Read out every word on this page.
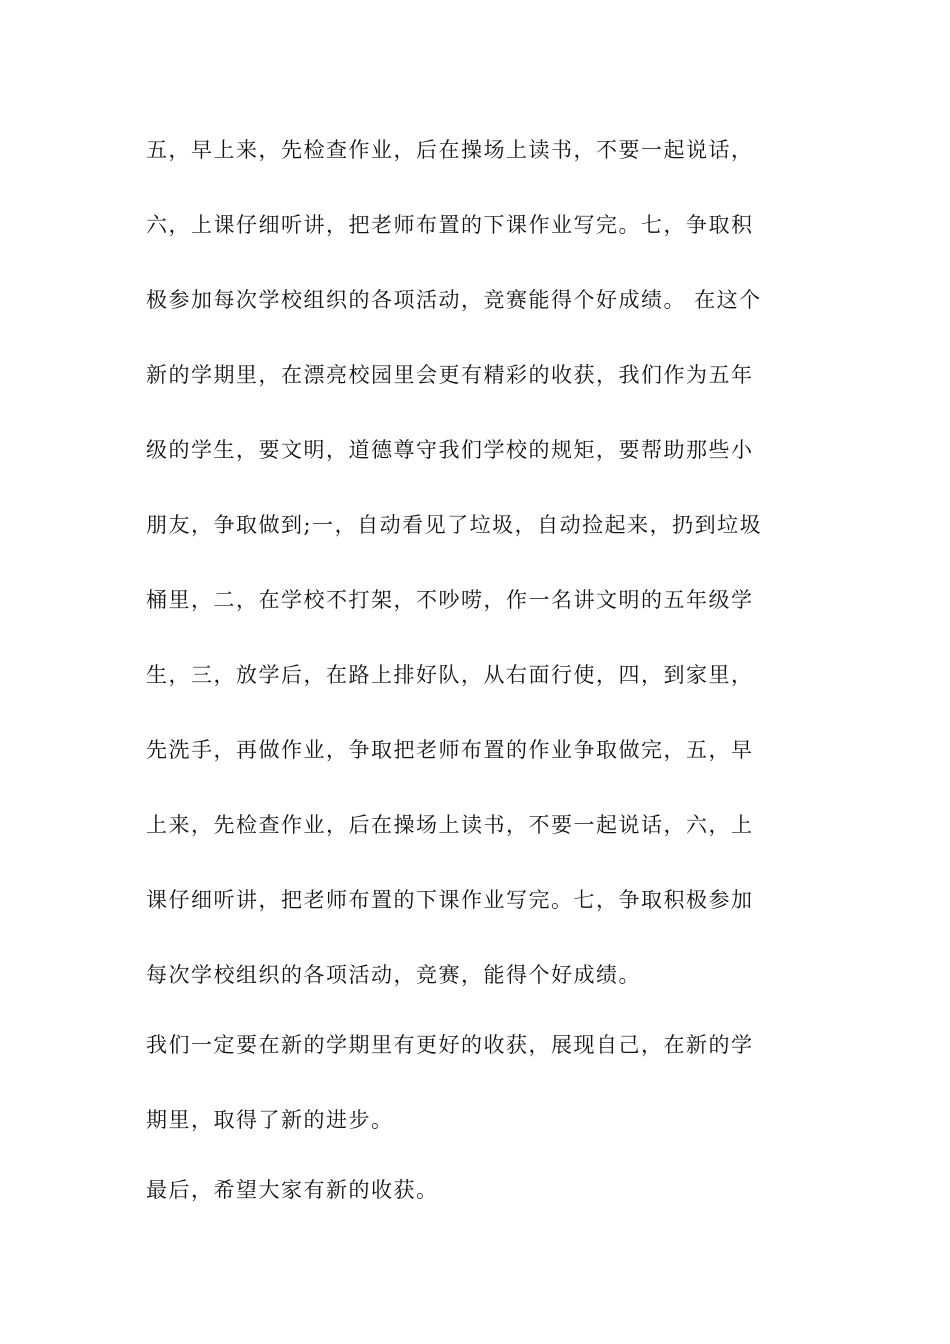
五，早上来，先检查作业，后在操场上读书，不要一起说话，
六，上课仔细听讲，把老师布置的下课作业写完。七，争取积
极参加每次学校组织的各项活动，竞赛能得个好成绩。 在这个
新的学期里，在漂亮校园里会更有精彩的收获，我们作为五年
级的学生，要文明，道德尊守我们学校的规矩，要帮助那些小
朋友，争取做到;一，自动看见了垃圾，自动捡起来，扔到垃圾
桶里，二，在学校不打架，不吵唠，作一名讲文明的五年级学
生，三，放学后，在路上排好队，从右面行使，四，到家里，
先洗手，再做作业，争取把老师布置的作业争取做完，五，早
上来，先检查作业，后在操场上读书，不要一起说话，六，上
课仔细听讲，把老师布置的下课作业写完。七，争取积极参加
每次学校组织的各项活动，竞赛，能得个好成绩。
我们一定要在新的学期里有更好的收获，展现自己，在新的学
期里，取得了新的进步。
最后，希望大家有新的收获。
